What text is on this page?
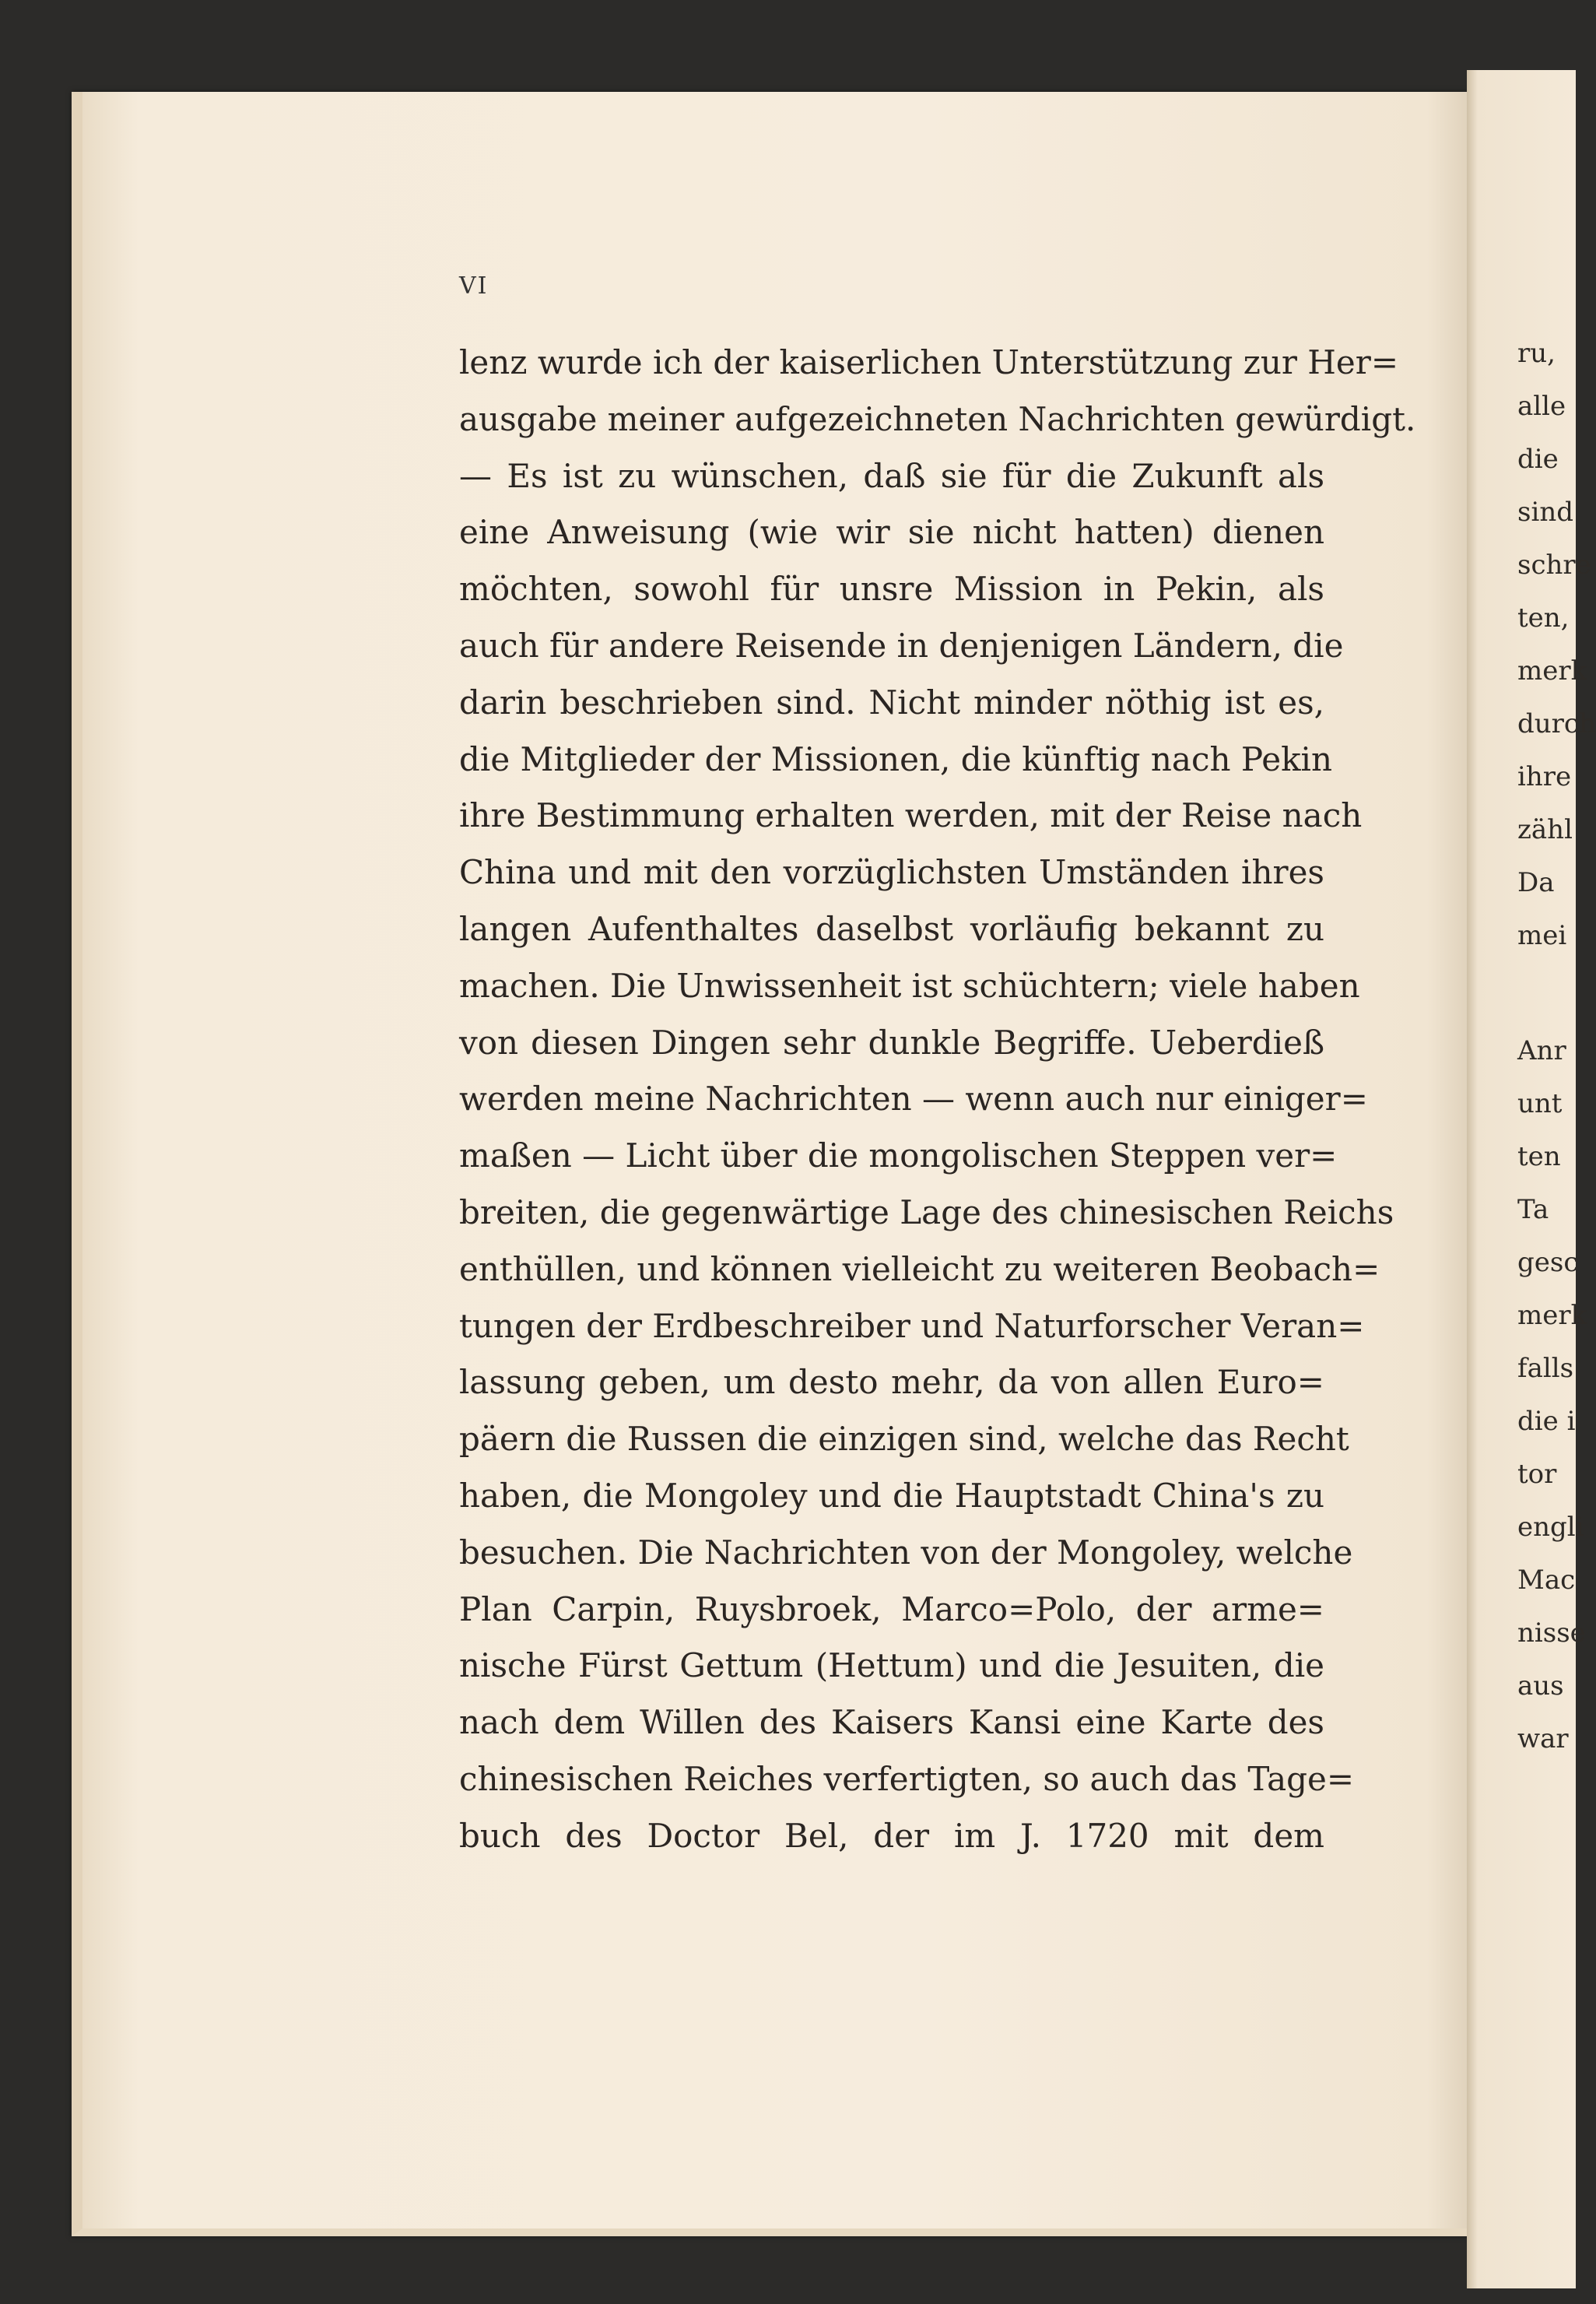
VI
lenz wurde ich der kaiserlichen Unterstützung zur Her=
ausgabe meiner aufgezeichneten Nachrichten gewürdigt.
— Es ist zu wünschen, daß sie für die Zukunft als
eine Anweisung (wie wir sie nicht hatten) dienen
möchten, sowohl für unsre Mission in Pekin, als
auch für andere Reisende in denjenigen Ländern, die
darin beschrieben sind. Nicht minder nöthig ist es,
die Mitglieder der Missionen, die künftig nach Pekin
ihre Bestimmung erhalten werden, mit der Reise nach
China und mit den vorzüglichsten Umständen ihres
langen Aufenthaltes daselbst vorläufig bekannt zu
machen. Die Unwissenheit ist schüchtern; viele haben
von diesen Dingen sehr dunkle Begriffe. Ueberdieß
werden meine Nachrichten — wenn auch nur einiger=
maßen — Licht über die mongolischen Steppen ver=
breiten, die gegenwärtige Lage des chinesischen Reichs
enthüllen, und können vielleicht zu weiteren Beobach=
tungen der Erdbeschreiber und Naturforscher Veran=
lassung geben, um desto mehr, da von allen Euro=
päern die Russen die einzigen sind, welche das Recht
haben, die Mongoley und die Hauptstadt China's zu
besuchen. Die Nachrichten von der Mongoley, welche
Plan Carpin, Ruysbroek, Marco=Polo, der arme=
nische Fürst Gettum (Hettum) und die Jesuiten, die
nach dem Willen des Kaisers Kansi eine Karte des
chinesischen Reiches verfertigten, so auch das Tage=
buch des Doctor Bel, der im J. 1720 mit dem
ru,
alle
die
sind
schre
ten,
merk
durch
ihre
zähl
Da
mei
Anr
unt
ten
Ta
gesc
merk
falls
die i
tor
engli
Mac
nisse
aus
war
